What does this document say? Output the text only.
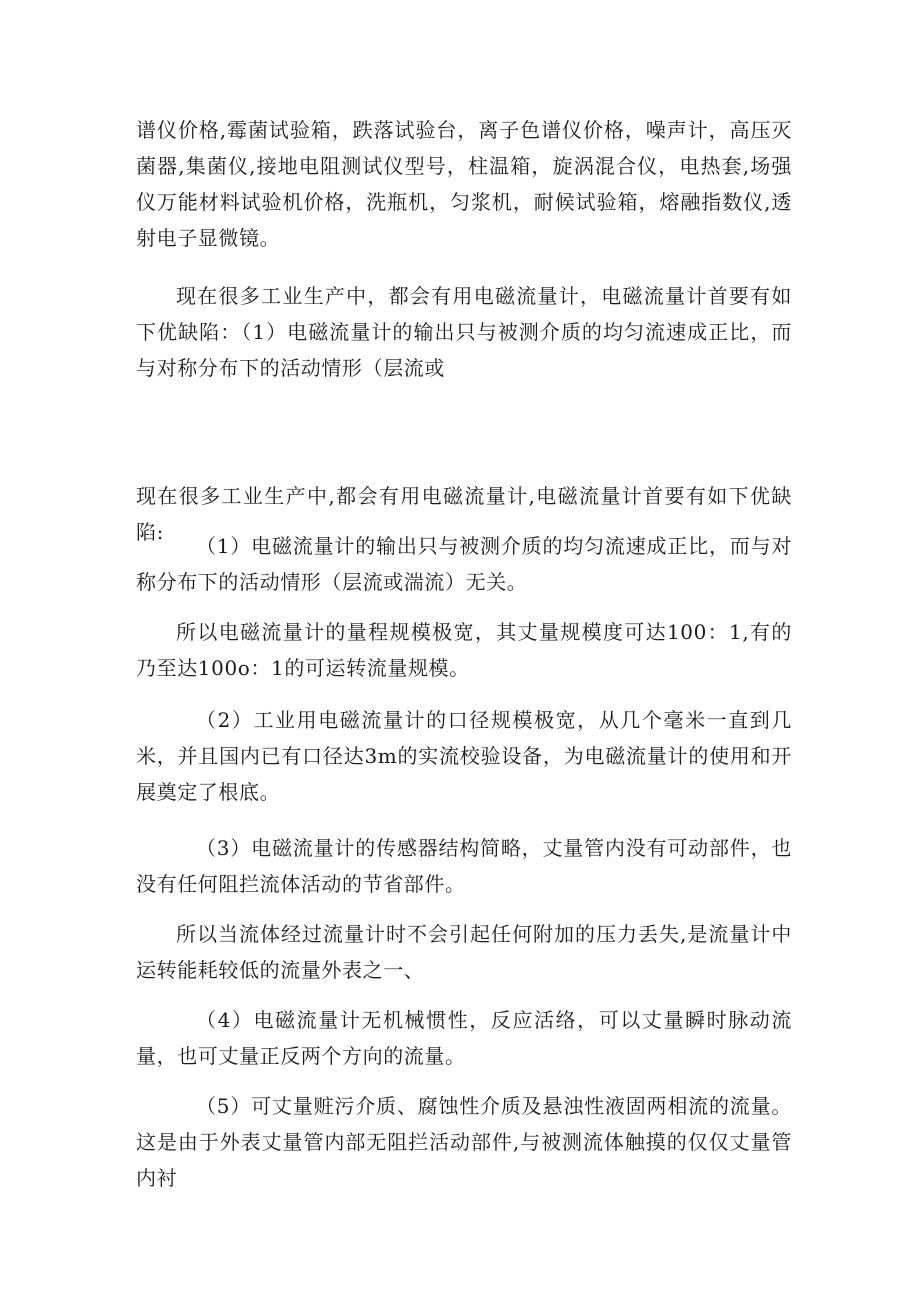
谱仪价格,霉菌试验箱，跌落试验台，离子色谱仪价格，噪声计，高压灭菌器,集菌仪,接地电阻测试仪型号，柱温箱，旋涡混合仪，电热套,场强仪万能材料试验机价格，洗瓶机，匀浆机，耐候试验箱，熔融指数仪,透射电子显微镜。

现在很多工业生产中，都会有用电磁流量计，电磁流量计首要有如下优缺陷：（1）电磁流量计的输出只与被测介质的均匀流速成正比，而与对称分布下的活动情形（层流或

现在很多工业生产中,都会有用电磁流量计,电磁流量计首要有如下优缺陷:

（1）电磁流量计的输出只与被测介质的均匀流速成正比，而与对称分布下的活动情形（层流或湍流）无关。

所以电磁流量计的量程规模极宽，其丈量规模度可达100：1,有的乃至达100o：1的可运转流量规模。

（2）工业用电磁流量计的口径规模极宽，从几个毫米一直到几米，并且国内已有口径达3m的实流校验设备，为电磁流量计的使用和开展奠定了根底。

（3）电磁流量计的传感器结构简略，丈量管内没有可动部件，也没有任何阻拦流体活动的节省部件。

所以当流体经过流量计时不会引起任何附加的压力丢失,是流量计中运转能耗较低的流量外表之一、

（4）电磁流量计无机械惯性，反应活络，可以丈量瞬时脉动流量，也可丈量正反两个方向的流量。

（5）可丈量赃污介质、腐蚀性介质及悬浊性液固两相流的流量。这是由于外表丈量管内部无阻拦活动部件,与被测流体触摸的仅仅丈量管内衬
